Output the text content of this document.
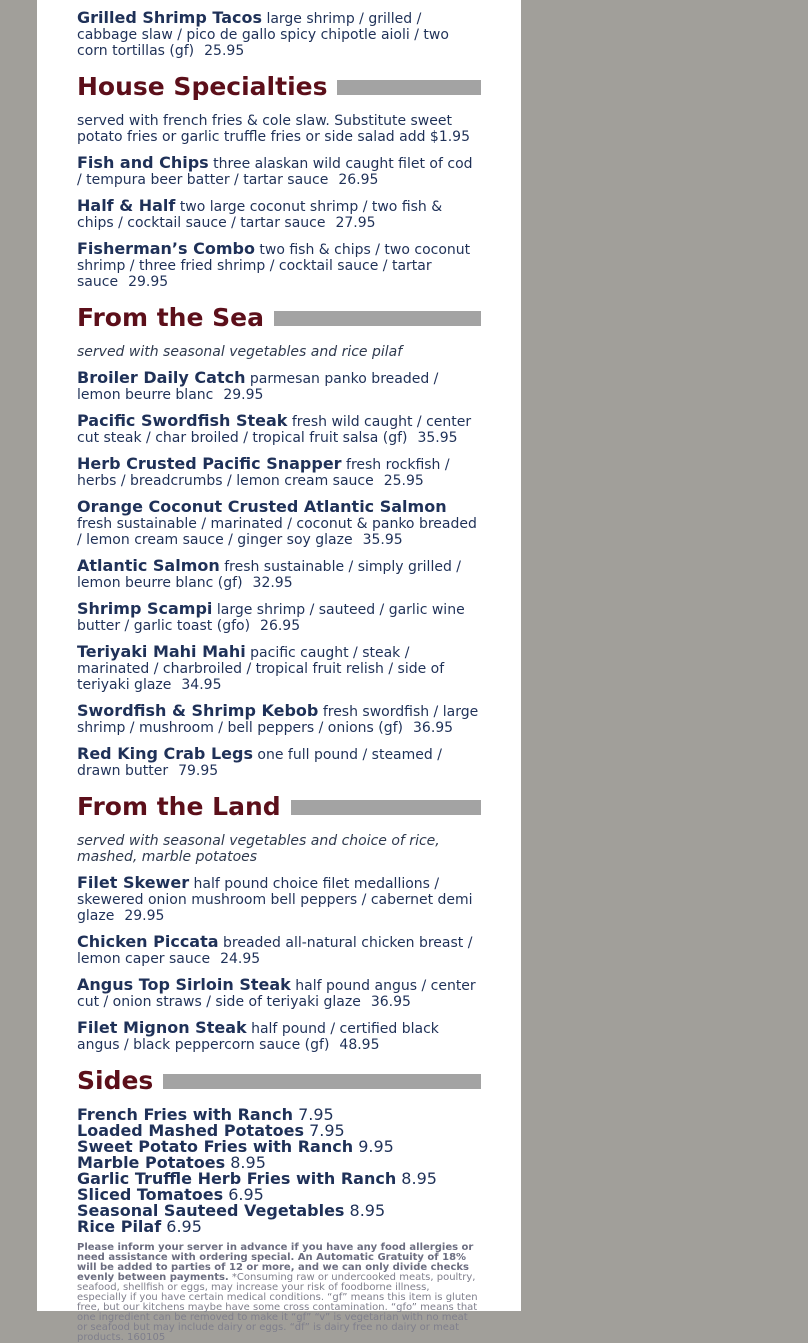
Grilled Shrimp Tacos large shrimp / grilled / cabbage slaw / pico de gallo spicy chipotle aioli / two corn tortillas (gf) 25.95
House Specialties
served with french fries & cole slaw. Substitute sweet potato fries or garlic truffle fries or side salad add $1.95
Fish and Chips three alaskan wild caught filet of cod / tempura beer batter / tartar sauce 26.95
Half & Half two large coconut shrimp / two fish & chips / cocktail sauce / tartar sauce 27.95
Fisherman’s Combo two fish & chips / two coconut shrimp / three fried shrimp / cocktail sauce / tartar sauce 29.95
From the Sea
served with seasonal vegetables and rice pilaf
Broiler Daily Catch parmesan panko breaded / lemon beurre blanc 29.95
Pacific Swordfish Steak fresh wild caught / center cut steak / char broiled / tropical fruit salsa (gf) 35.95
Herb Crusted Pacific Snapper fresh rockfish / herbs / breadcrumbs / lemon cream sauce 25.95
Orange Coconut Crusted Atlantic Salmon fresh sustainable / marinated / coconut & panko breaded / lemon cream sauce / ginger soy glaze 35.95
Atlantic Salmon fresh sustainable / simply grilled / lemon beurre blanc (gf) 32.95
Shrimp Scampi large shrimp / sauteed / garlic wine butter / garlic toast (gfo) 26.95
Teriyaki Mahi Mahi pacific caught / steak / marinated / charbroiled / tropical fruit relish / side of teriyaki glaze 34.95
Swordfish & Shrimp Kebob fresh swordfish / large shrimp / mushroom / bell peppers / onions (gf) 36.95
Red King Crab Legs one full pound / steamed / drawn butter 79.95
From the Land
served with seasonal vegetables and choice of rice, mashed, marble potatoes
Filet Skewer half pound choice filet medallions / skewered onion mushroom bell peppers / cabernet demi glaze 29.95
Chicken Piccata breaded all-natural chicken breast / lemon caper sauce 24.95
Angus Top Sirloin Steak half pound angus / center cut / onion straws / side of teriyaki glaze 36.95
Filet Mignon Steak half pound / certified black angus / black peppercorn sauce (gf) 48.95
Sides
French Fries with Ranch 7.95
Loaded Mashed Potatoes 7.95
Sweet Potato Fries with Ranch 9.95
Marble Potatoes 8.95
Garlic Truffle Herb Fries with Ranch 8.95
Sliced Tomatoes 6.95
Seasonal Sauteed Vegetables 8.95
Rice Pilaf 6.95
Please inform your server in advance if you have any food allergies or need assistance with ordering special. An Automatic Gratuity of 18% will be added to parties of 12 or more, and we can only divide checks evenly between payments. *Consuming raw or undercooked meats, poultry, seafood, shellfish or eggs, may increase your risk of foodborne illness, especially if you have certain medical conditions. “gf” means this item is gluten free, but our kitchens maybe have some cross contamination. “gfo” means that one ingredient can be removed to make it “gf” “v” is vegetarian with no meat or seafood but may include dairy or eggs. “df” is dairy free no dairy or meat products. 160105
